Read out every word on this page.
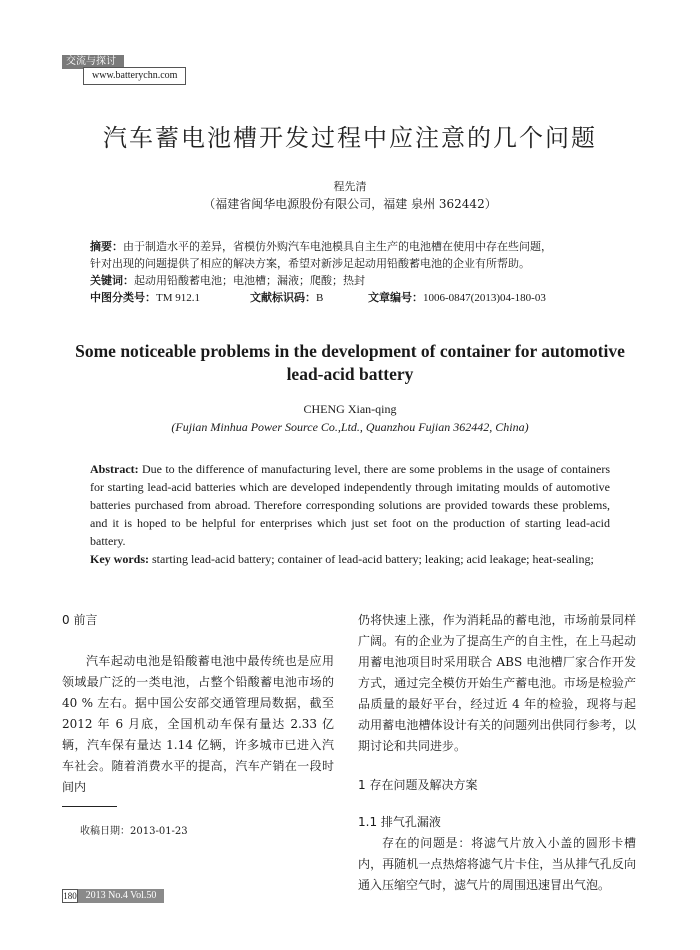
交流与探讨
www.batterychn.com
汽车蓄电池槽开发过程中应注意的几个问题
程先清
（福建省闽华电源股份有限公司，福建 泉州 362442）
摘要：由于制造水平的差异，省模仿外购汽车电池模具自主生产的电池槽在使用中存在些问题，
针对出现的问题提供了相应的解决方案，希望对新涉足起动用铅酸蓄电池的企业有所帮助。
关键词：起动用铅酸蓄电池；电池槽；漏液；爬酸；热封
中图分类号：TM 912.1	文献标识码：B	文章编号：1006-0847(2013)04-180-03
Some noticeable problems in the development of container for automotive lead-acid battery
CHENG Xian-qing
(Fujian Minhua Power Source Co.,Ltd., Quanzhou Fujian 362442, China)
Abstract: Due to the difference of manufacturing level, there are some problems in the usage of containers for starting lead-acid batteries which are developed independently through imitating moulds of automotive batteries purchased from abroad. Therefore corresponding solutions are provided towards these problems, and it is hoped to be helpful for enterprises which just set foot on the production of starting lead-acid battery.
Key words: starting lead-acid battery; container of lead-acid battery; leaking; acid leakage; heat-sealing;
0 前言
汽车起动电池是铅酸蓄电池中最传统也是应用领域最广泛的一类电池，占整个铅酸蓄电池市场的 40 % 左右。据中国公安部交通管理局数据，截至 2012 年 6 月底，全国机动车保有量达 2.33 亿辆，汽车保有量达 1.14 亿辆，许多城市已进入汽车社会。随着消费水平的提高，汽车产销在一段时间内
仍将快速上涨，作为消耗品的蓄电池，市场前景同样广阔。有的企业为了提高生产的自主性，在上马起动用蓄电池项目时采用联合 ABS 电池槽厂家合作开发方式，通过完全模仿开始生产蓄电池。市场是检验产品质量的最好平台，经过近 4 年的检验，现将与起动用蓄电池槽体设计有关的问题列出供同行参考，以期讨论和共同进步。
1 存在问题及解决方案
1.1 排气孔漏液
存在的问题是：将滤气片放入小盖的圆形卡槽内，再随机一点热熔将滤气片卡住，当从排气孔反向通入压缩空气时，滤气片的周围迅速冒出气泡。
收稿日期：2013-01-23
180 2013 No.4 Vol.50
